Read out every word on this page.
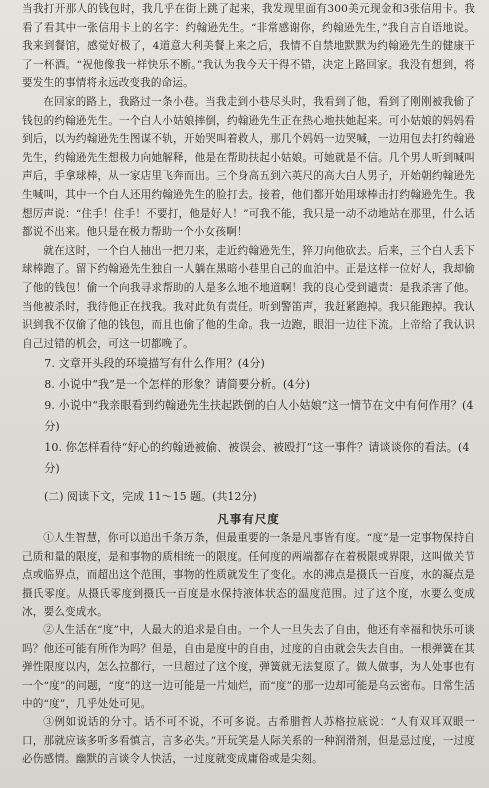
当我打开那人的钱包时，我几乎在街上跳了起来，我发现里面有300美元现金和3张信用卡。我看了看其中一张信用卡上的名字：约翰逊先生。“非常感谢你，约翰逊先生，”我自言自语地说。我来到餐馆，感觉好极了，4道意大利美餐上来之后，我情不自禁地默默为约翰逊先生的健康干了一杯酒。“祝他像我一样快乐不断。”我认为我今天干得不错，决定上路回家。我没有想到，将要发生的事情将永远改变我的命运。

在回家的路上，我路过一条小巷。当我走到小巷尽头时，我看到了他，看到了刚刚被我偷了钱包的约翰逊先生。一个白人小姑娘摔倒，约翰逊先生正在热心地扶她起来。可小姑娘的妈妈看到后，以为约翰逊先生图谋不轨，开始哭叫着救人，那几个妈妈一边哭喊，一边用包去打约翰逊先生，约翰逊先生想极力向她解释，他是在帮助扶起小姑娘。可她就是不信。几个男人听到喊叫声后，手拿球棒，从一家店里飞奔而出。三个身高五到六英尺的高大白人男子，开始朝约翰逊先生喊叫，其中一个白人还用约翰逊先生的脸打去。接着，他们都开始用球棒击打约翰逊先生。我想厉声说：“住手！住手！不要打，他是好人！”可我不能，我只是一动不动地站在那里，什么话都说不出来。他只是在极力帮助一个小女孩啊！

就在这时，一个白人抽出一把刀来，走近约翰逊先生，猝刀向他砍去。后来，三个白人丢下球棒跑了。留下约翰逊先生独自一人躺在黑暗小巷里自己的血泊中。正是这样一位好人，我却偷了他的钱包！偷一个向我寻求帮助的人是多么地不地道啊！我的良心受到谴责：是我杀害了他。当他被杀时，我待他正在找我。我对此负有责任。听到警笛声，我赶紧跑掉。我只能跑掉。我认识到我不仅偷了他的钱包，而且也偷了他的生命。我一边跑，眼泪一边往下流。上帝给了我认识自己过错的机会，可这一切都晚了。

7. 文章开头段的环境描写有什么作用？(4分)

8. 小说中“我”是一个怎样的形象？请简要分析。(4分)

9. 小说中“我亲眼看到约翰逊先生扶起跌倒的白人小姑娘”这一情节在文中有何作用？(4分)

10. 你怎样看待“好心的约翰逊被偷、被误会、被殴打”这一事件？请谈谈你的看法。(4分)

(二) 阅读下文，完成 11～15 题。(共12分)

凡事有尺度

①人生智慧，你可以追出千条万条，但最重要的一条是凡事皆有度。“度”是一定事物保持自己质和量的限度，是和事物的质相统一的限度。任何度的两端都存在着极限或界限，这叫做关节点或临界点，而超出这个范围，事物的性质就发生了变化。水的沸点是摄氏一百度，水的凝点是摄氏零度。从摄氏零度到摄氏一百度是水保持液体状态的温度范围。过了这个度，水要么变成冰，要么变成水。

②人生活在“度”中，人最大的追求是自由。一个人一旦失去了自由，他还有幸福和快乐可谈吗？他还可能有所作为吗？但是，自由是度中的自由，过度的自由就会失去自由。一根弹簧在其弹性限度以内，怎么拉都行，一旦超过了这个度，弹簧就无法复原了。做人做事，为人处事也有一个“度”的问题，“度”的这一边可能是一片灿烂，而“度”的那一边却可能是乌云密布。日常生活中的“度”，几乎处处可见。

③例如说话的分寸。话不可不说，不可多说。古希腊哲人苏格拉底说：“人有双耳双眼一口，那就应该多听多看慎言，言多必失。”开玩笑是人际关系的一种润滑剂，但是忌过度，一过度必伤感情。幽默的言谈令人快活，一过度就变成庸俗或是尖刻。
